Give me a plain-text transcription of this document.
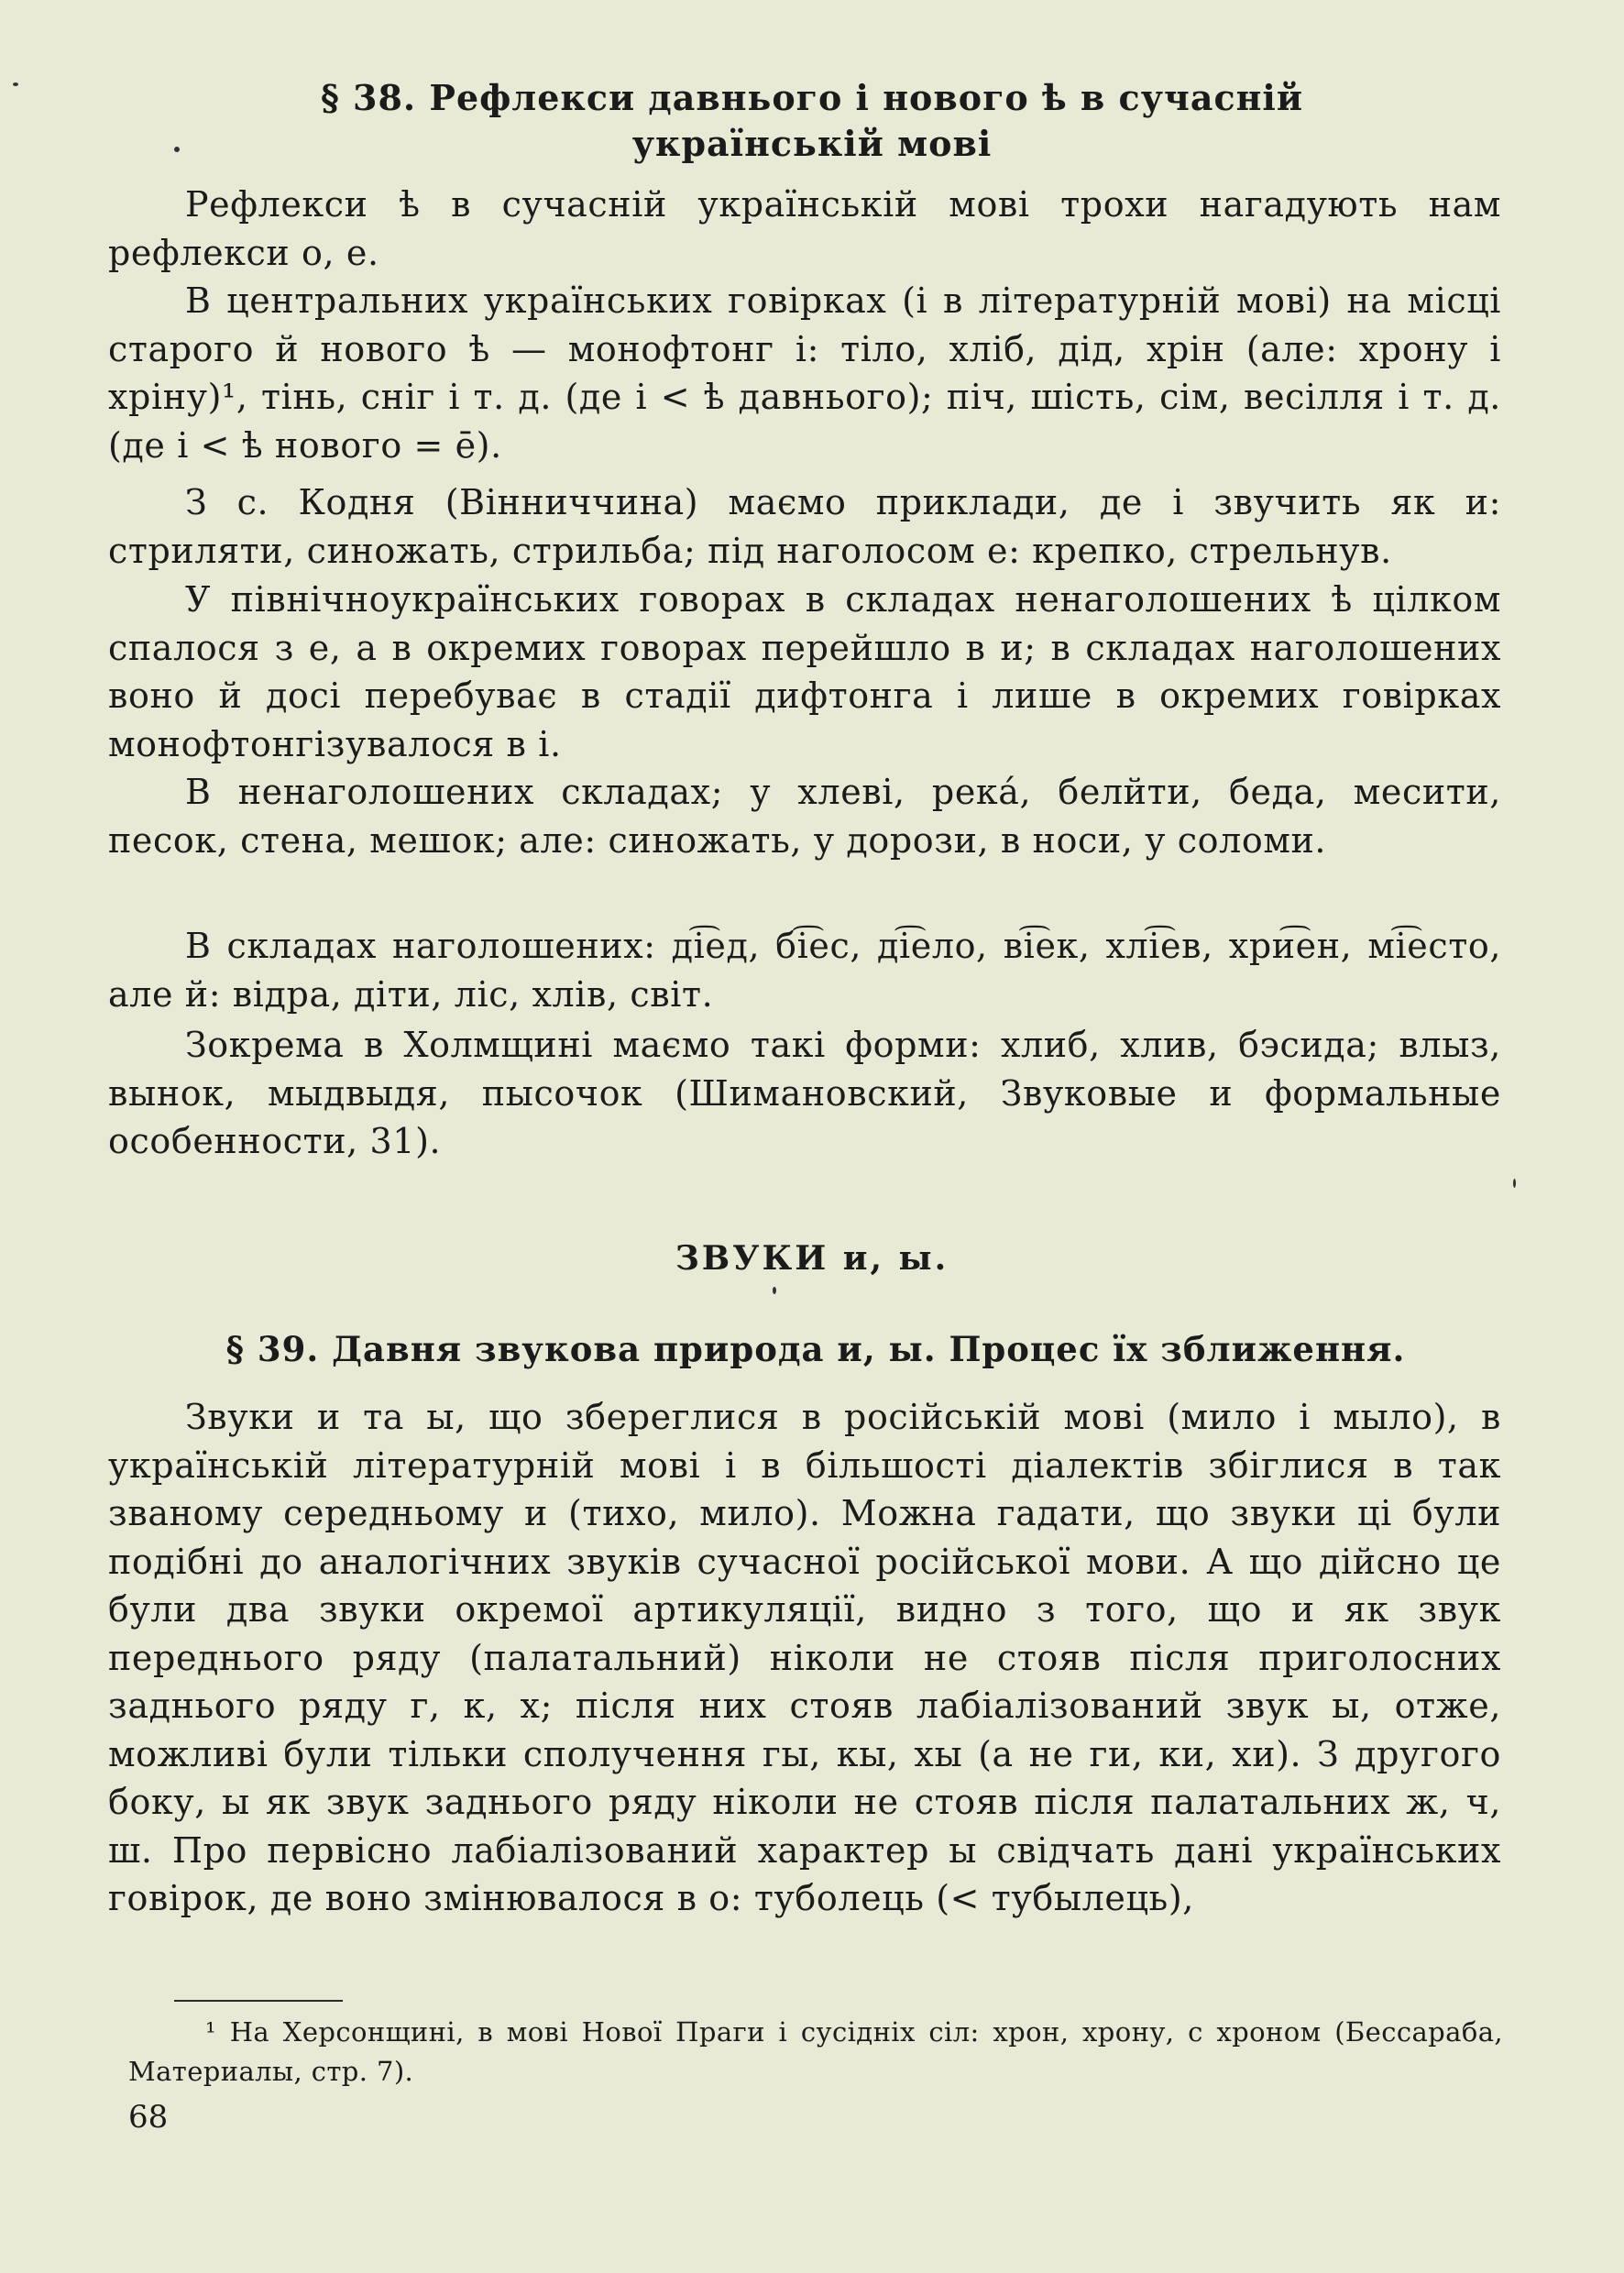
§ 38. Рефлекси давнього і нового ѣ в сучасній
українській мові
Рефлекси ѣ в сучасній українській мові трохи нагадують нам рефлекси о, е.
В центральних українських говірках (і в літературній мові) на місці старого й нового ѣ — монофтонг і: тіло, хліб, дід, хрін (але: хрону і хріну)¹, тінь, сніг і т. д. (де і < ѣ давнього); піч, шість, сім, весілля і т. д. (де і < ѣ нового = ē).
З с. Кодня (Вінниччина) маємо приклади, де і звучить як и: стриляти, синожать, стрильба; під наголосом е: крепко, стрельнув.
У північноукраїнських говорах в складах ненаголошених ѣ цілком спалося з е, а в окремих говорах перейшло в и; в складах наголошених воно й досі перебуває в стадії дифтонга і лише в окремих говірках монофтонгізувалося в і.
В ненаголошених складах; у хлеві, река́, белйти, беда, месити, песок, стена, мешок; але: синожать, у дорози, в носи, у соломи.
В складах наголошених: ді͡ед, бі͡ес, ді͡ело, ві͡ек, хлі͡ев, хри͡ен, мі͡есто, але й: відра, діти, ліс, хлів, світ.
Зокрема в Холмщині маємо такі форми: хлиб, хлив, бэсида; влыз, вынок, мыдвыдя, пысочок (Шимановский, Звуковые и формальные особенности, 31).
ЗВУКИ и, ы.
§ 39. Давня звукова природа и, ы. Процес їх зближення.
Звуки и та ы, що збереглися в російській мові (мило і мыло), в українській літературній мові і в більшості діалектів збіглися в так званому середньому и (тихо, мило). Можна гадати, що звуки ці були подібні до аналогічних звуків сучасної російської мови. А що дійсно це були два звуки окремої артикуляції, видно з того, що и як звук переднього ряду (палатальний) ніколи не стояв після приголосних заднього ряду г, к, х; після них стояв лабіалізований звук ы, отже, можливі були тільки сполучення гы, кы, хы (а не ги, ки, хи). З другого боку, ы як звук заднього ряду ніколи не стояв після палатальних ж, ч, ш. Про первісно лабіалізований характер ы свідчать дані українських говірок, де воно змінювалося в о: туболець (< тубылець),
¹ На Херсонщині, в мові Нової Праги і сусідніх сіл: хрон, хрону, с хроном (Бессараба, Материалы, стр. 7).
68
